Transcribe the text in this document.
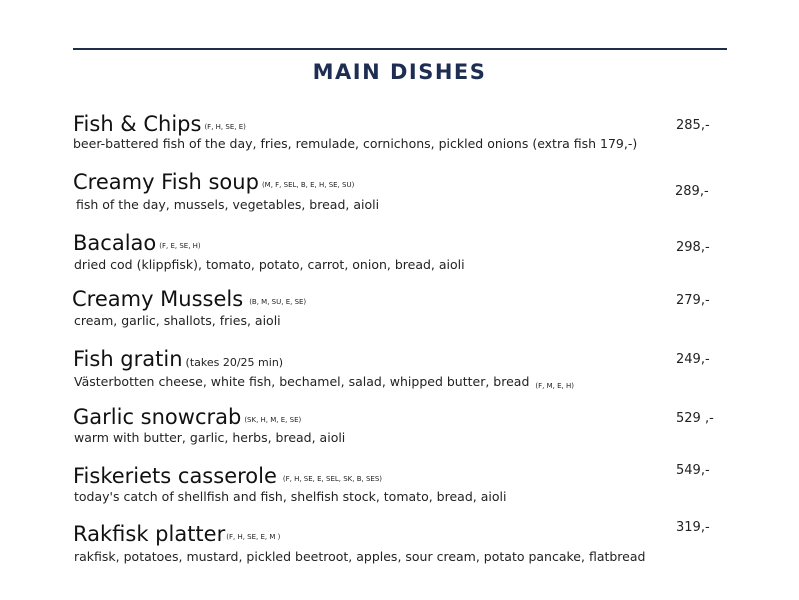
MAIN DISHES
Fish & Chips (F, H, SE, E)
beer-battered fish of the day, fries, remulade, cornichons, pickled onions (extra fish 179,-)
285,-
Creamy Fish soup (M, F, SEL, B, E, H, SE, SU)
fish of the day, mussels, vegetables, bread, aioli
289,-
Bacalao (F, E, SE, H)
dried cod (klippfisk), tomato, potato, carrot, onion, bread, aioli
298,-
Creamy Mussels (B, M, SU, E, SE)
cream, garlic, shallots, fries, aioli
279,-
Fish gratin (takes 20/25 min)
Västerbotten cheese, white fish, bechamel, salad, whipped butter, bread (F, M, E, H)
249,-
Garlic snowcrab (SK, H, M, E, SE)
warm with butter, garlic, herbs, bread, aioli
529 ,-
Fiskeriets casserole (F, H, SE, E, SEL, SK, B, SES)
today's catch of shellfish and fish, shelfish stock, tomato, bread, aioli
549,-
Rakfisk platter(F, H, SE, E, M )
rakfisk, potatoes, mustard, pickled beetroot, apples, sour cream, potato pancake, flatbread
319,-
